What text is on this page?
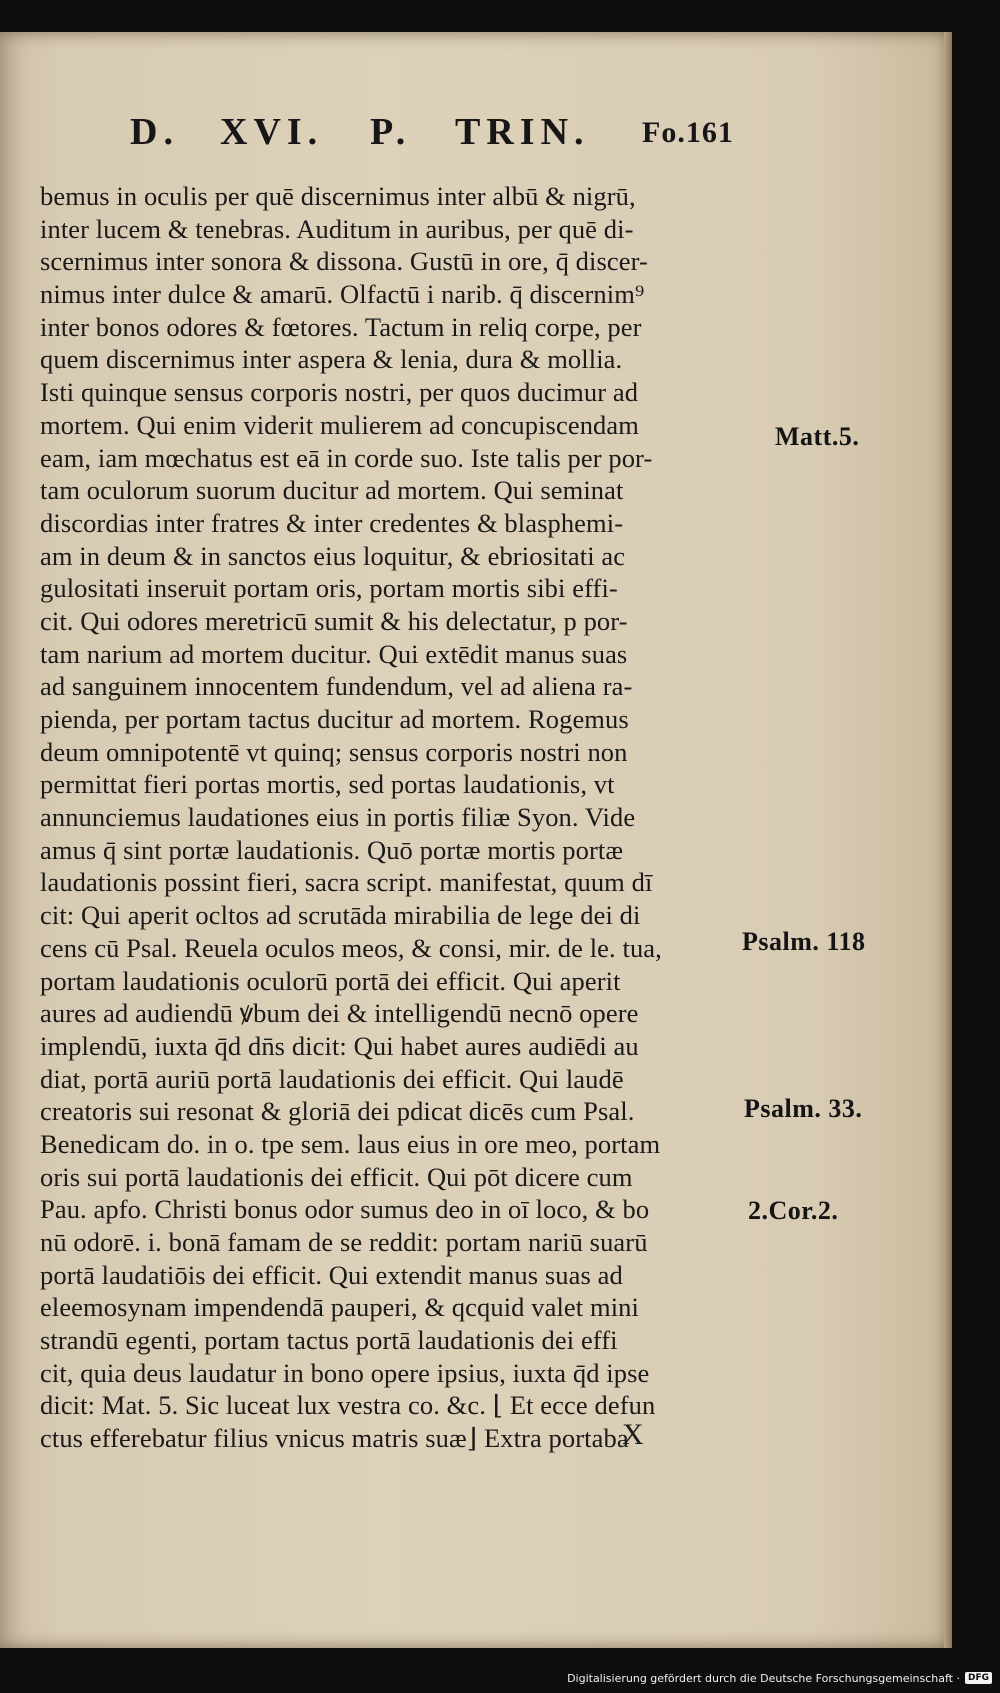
D. XVI. P. TRIN. Fo.161
bemus in oculis per quē discernimus inter albū & nigrū,
inter lucem & tenebras. Auditum in auribus, per quē di-
scernimus inter sonora & dissona. Gustū in ore, q̄ discer-
nimus inter dulce & amarū. Olfactū i narib. q̄ discernim⁹
inter bonos odores & fœtores. Tactum in reliq corpe, per
quem discernimus inter aspera & lenia, dura & mollia.
Isti quinque sensus corporis nostri, per quos ducimur ad
mortem. Qui enim viderit mulierem ad concupiscendam
eam, iam mœchatus est eā in corde suo. Iste talis per por-
tam oculorum suorum ducitur ad mortem. Qui seminat
discordias inter fratres & inter credentes & blasphemi-
am in deum & in sanctos eius loquitur, & ebriositati ac
gulositati inseruit portam oris, portam mortis sibi effi-
cit. Qui odores meretricū sumit & his delectatur, p por-
tam narium ad mortem ducitur. Qui extēdit manus suas
ad sanguinem innocentem fundendum, vel ad aliena ra-
pienda, per portam tactus ducitur ad mortem. Rogemus
deum omnipotentē vt quinq; sensus corporis nostri non
permittat fieri portas mortis, sed portas laudationis, vt
annunciemus laudationes eius in portis filiæ Syon. Vide
amus q̄ sint portæ laudationis. Quō portæ mortis portæ
laudationis possint fieri, sacra script. manifestat, quum dī
cit: Qui aperit ocltos ad scrutāda mirabilia de lege dei di
cens cū Psal. Reuela oculos meos, & consi, mir. de le. tua,
portam laudationis oculorū portā dei efficit. Qui aperit
aures ad audiendū ꝟbum dei & intelligendū necnō opere
implendū, iuxta q̄d dn̄s dicit: Qui habet aures audiēdi au
diat, portā auriū portā laudationis dei efficit. Qui laudē
creatoris sui resonat & gloriā dei pdicat dicēs cum Psal.
Benedicam do. in o. tpe sem. laus eius in ore meo, portam
oris sui portā laudationis dei efficit. Qui pōt dicere cum
Pau. apfo. Christi bonus odor sumus deo in oī loco, & bo
nū odorē. i. bonā famam de se reddit: portam nariū suarū
portā laudatiōis dei efficit. Qui extendit manus suas ad
eleemosynam impendendā pauperi, & qcquid valet mini
strandū egenti, portam tactus portā laudationis dei effi
cit, quia deus laudatur in bono opere ipsius, iuxta q̄d ipse
dicit: Mat. 5. Sic luceat lux vestra co. &c. ⌊ Et ecce defun
ctus efferebatur filius vnicus matris suæ⌋ Extra portaba
Matt.5.
Psalm. 118
Psalm. 33.
2.Cor.2.
X
Digitalisierung gefördert durch die Deutsche Forschungsgemeinschaft · DFG
